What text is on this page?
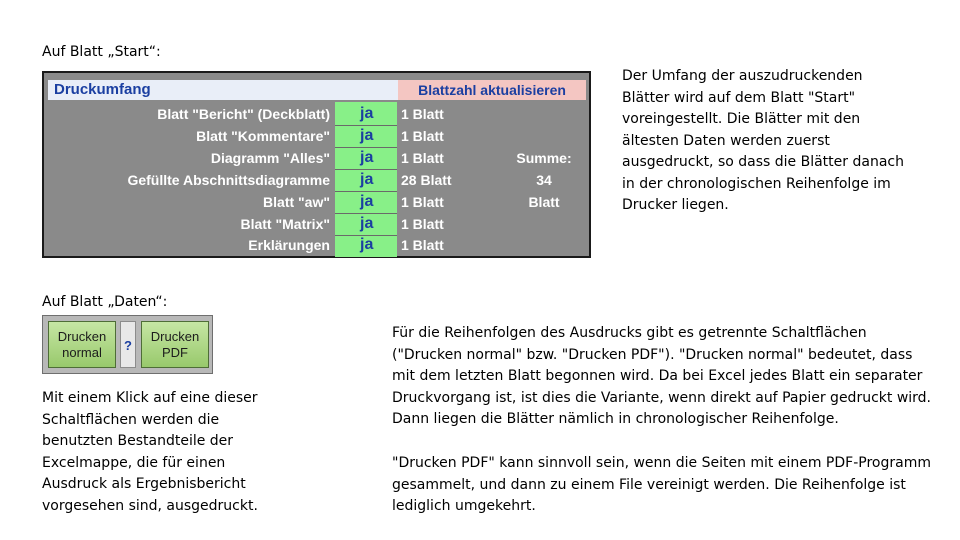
Auf Blatt „Start“:
Druckumfang	Blattzahl aktualisieren
Blatt "Bericht" (Deckblatt)	ja	1 Blatt
Blatt "Kommentare"	ja	1 Blatt
Diagramm "Alles"	ja	1 Blatt	Summe:
Gefüllte Abschnittsdiagramme	ja	28 Blatt	34
Blatt "aw"	ja	1 Blatt	Blatt
Blatt "Matrix"	ja	1 Blatt
Erklärungen	ja	1 Blatt
Der Umfang der auszudruckenden
Blätter wird auf dem Blatt "Start"
voreingestellt. Die Blätter mit den
ältesten Daten werden zuerst
ausgedruckt, so dass die Blätter danach
in der chronologischen Reihenfolge im
Drucker liegen.
Auf Blatt „Daten“:
Drucken
normal	?
Drucken
PDF
Mit einem Klick auf eine dieser
Schaltflächen werden die
benutzten Bestandteile der
Excelmappe, die für einen
Ausdruck als Ergebnisbericht
vorgesehen sind, ausgedruckt.
Für die Reihenfolgen des Ausdrucks gibt es getrennte Schaltflächen
("Drucken normal" bzw. "Drucken PDF"). "Drucken normal" bedeutet, dass
mit dem letzten Blatt begonnen wird. Da bei Excel jedes Blatt ein separater
Druckvorgang ist, ist dies die Variante, wenn direkt auf Papier gedruckt wird.
Dann liegen die Blätter nämlich in chronologischer Reihenfolge.
"Drucken PDF" kann sinnvoll sein, wenn die Seiten mit einem PDF-Programm
gesammelt, und dann zu einem File vereinigt werden. Die Reihenfolge ist
lediglich umgekehrt.
